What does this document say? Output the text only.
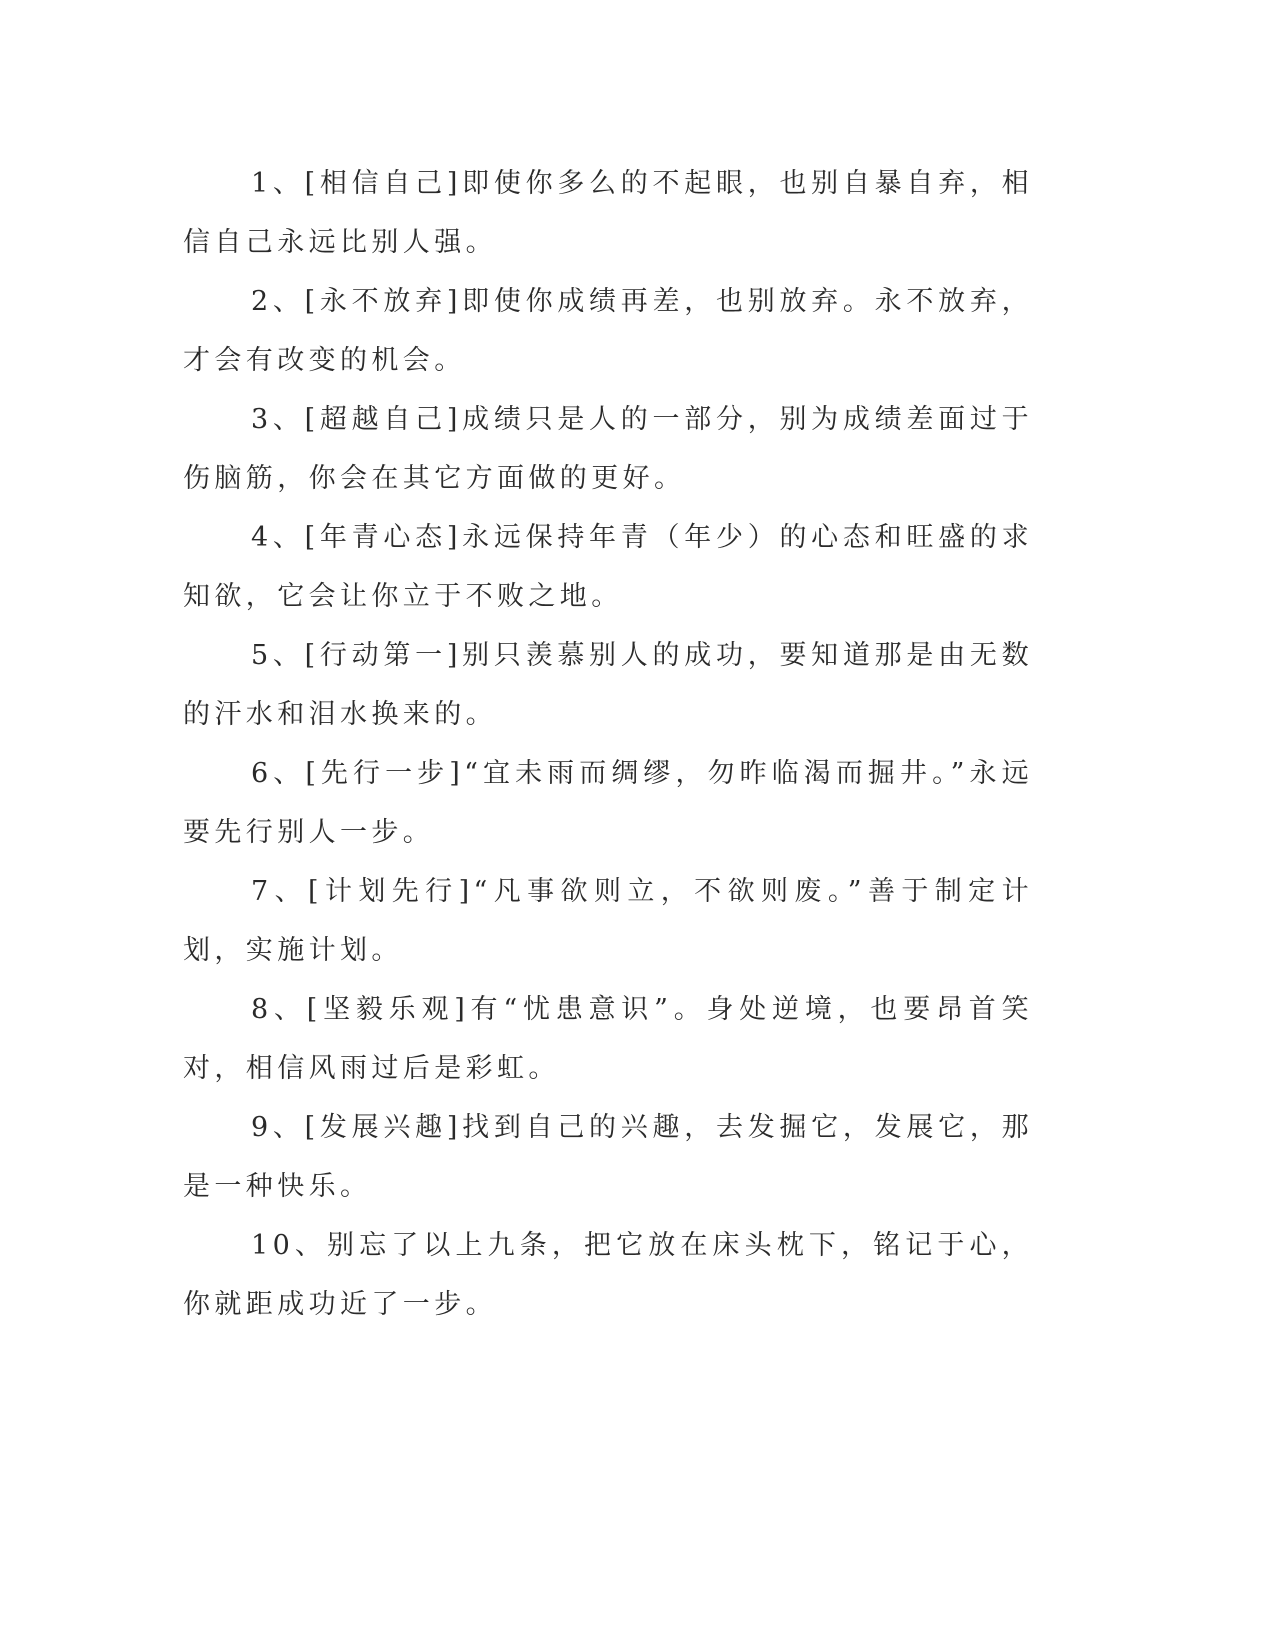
1、[相信自己]即使你多么的不起眼，也别自暴自弃，相信自己永远比别人强。

2、[永不放弃]即使你成绩再差，也别放弃。永不放弃，才会有改变的机会。

3、[超越自己]成绩只是人的一部分，别为成绩差面过于伤脑筋，你会在其它方面做的更好。

4、[年青心态]永远保持年青（年少）的心态和旺盛的求知欲，它会让你立于不败之地。

5、[行动第一]别只羡慕别人的成功，要知道那是由无数的汗水和泪水换来的。

6、[先行一步]“宜未雨而绸缪，勿昨临渴而掘井。”永远要先行别人一步。

7、[计划先行]“凡事欲则立，不欲则废。”善于制定计划，实施计划。

8、[坚毅乐观]有“忧患意识”。身处逆境，也要昂首笑对，相信风雨过后是彩虹。

9、[发展兴趣]找到自己的兴趣，去发掘它，发展它，那是一种快乐。

10、别忘了以上九条，把它放在床头枕下，铭记于心，你就距成功近了一步。
